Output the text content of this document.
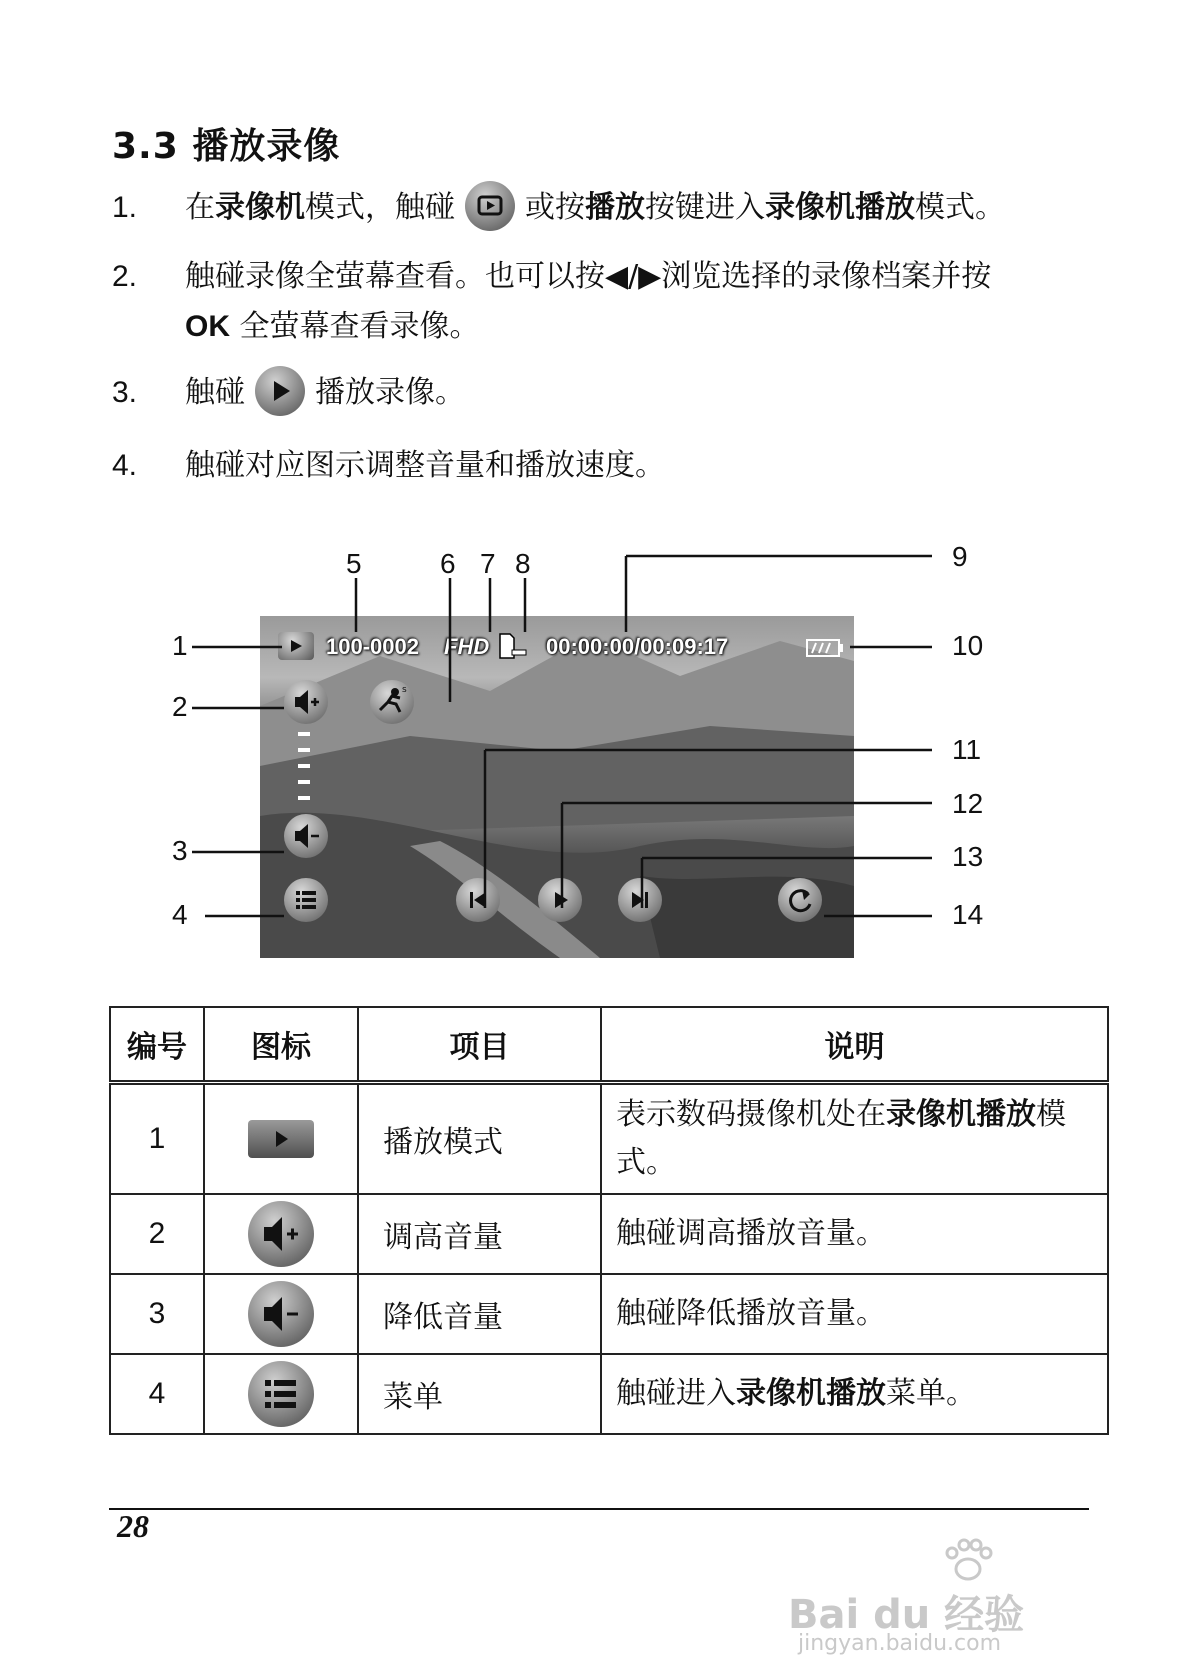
3.3 播放录像
1.	在录像机模式，触碰 或按播放按键进入录像机播放模式。
2.	触碰录像全萤幕查看。也可以按◀/▶浏览选择的录像档案并按
OK 全萤幕查看录像。
3.	触碰 播放录像。
4.	触碰对应图示调整音量和播放速度。
100-0002 FHD	00:00:00/00:09:17
s
1
2
3
4
5	6 7 8	9
10
11
12
13
14
编号	图标	项目	说明
1		播放模式	表示数码摄像机处在录像机播放模式。
2		调高音量	触碰调高播放音量。
3		降低音量	触碰降低播放音量。
4		菜单	触碰进入录像机播放菜单。
28
Bai du 经验
jingyan.baidu.com
